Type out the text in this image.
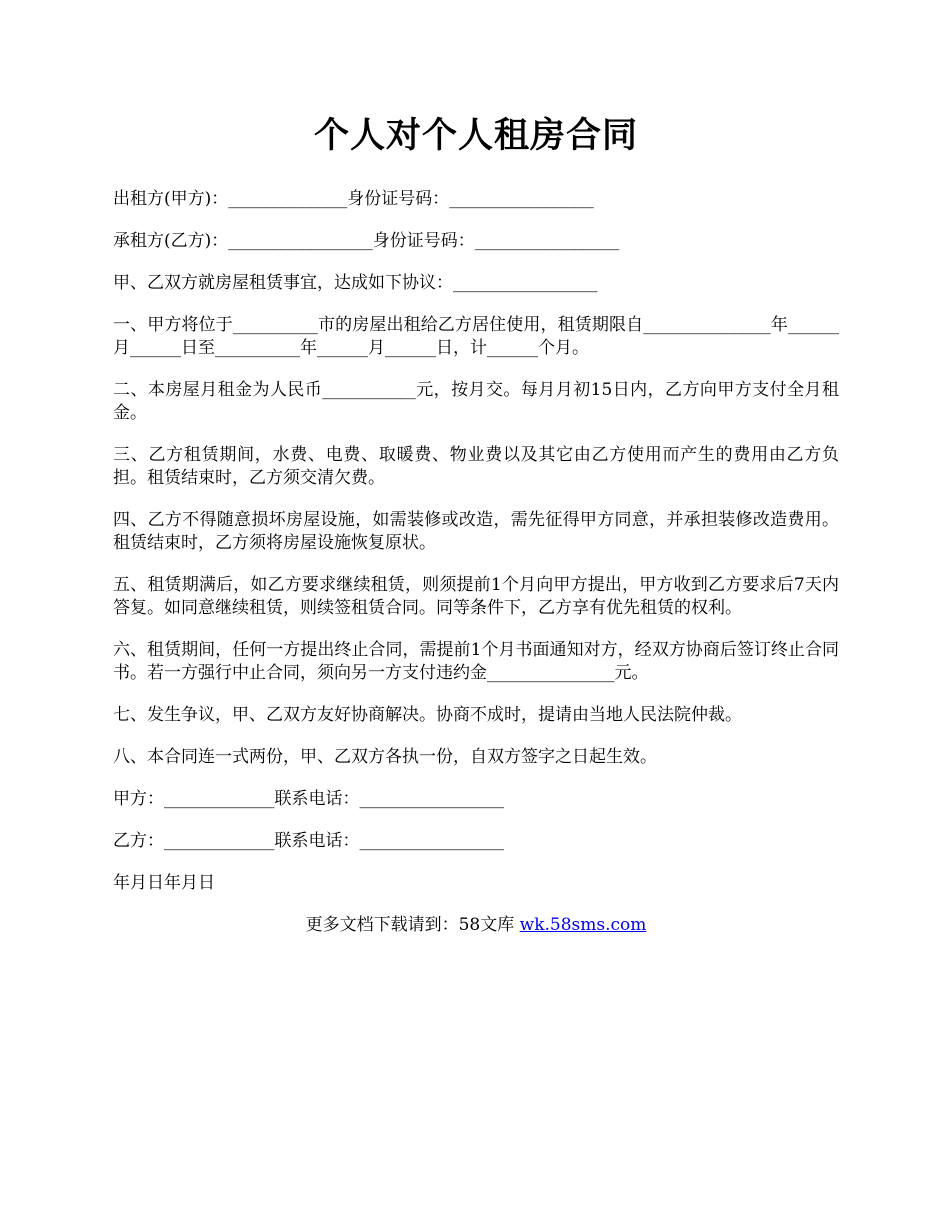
个人对个人租房合同

出租方(甲方)：______________身份证号码：_________________

承租方(乙方)：_________________身份证号码：_________________

甲、乙双方就房屋租赁事宜，达成如下协议：_________________

一、甲方将位于__________市的房屋出租给乙方居住使用，租赁期限自_______________年______月______日至__________年______月______日，计______个月。

二、本房屋月租金为人民币___________元，按月交。每月月初15日内，乙方向甲方支付全月租金。

三、乙方租赁期间，水费、电费、取暖费、物业费以及其它由乙方使用而产生的费用由乙方负担。租赁结束时，乙方须交清欠费。

四、乙方不得随意损坏房屋设施，如需装修或改造，需先征得甲方同意，并承担装修改造费用。租赁结束时，乙方须将房屋设施恢复原状。

五、租赁期满后，如乙方要求继续租赁，则须提前1个月向甲方提出，甲方收到乙方要求后7天内答复。如同意继续租赁，则续签租赁合同。同等条件下，乙方享有优先租赁的权利。

六、租赁期间，任何一方提出终止合同，需提前1个月书面通知对方，经双方协商后签订终止合同书。若一方强行中止合同，须向另一方支付违约金_______________元。

七、发生争议，甲、乙双方友好协商解决。协商不成时，提请由当地人民法院仲裁。

八、本合同连一式两份，甲、乙双方各执一份，自双方签字之日起生效。

甲方：_____________联系电话：_________________

乙方：_____________联系电话：_________________

年月日年月日

更多文档下载请到：58文库 wk.58sms.com
